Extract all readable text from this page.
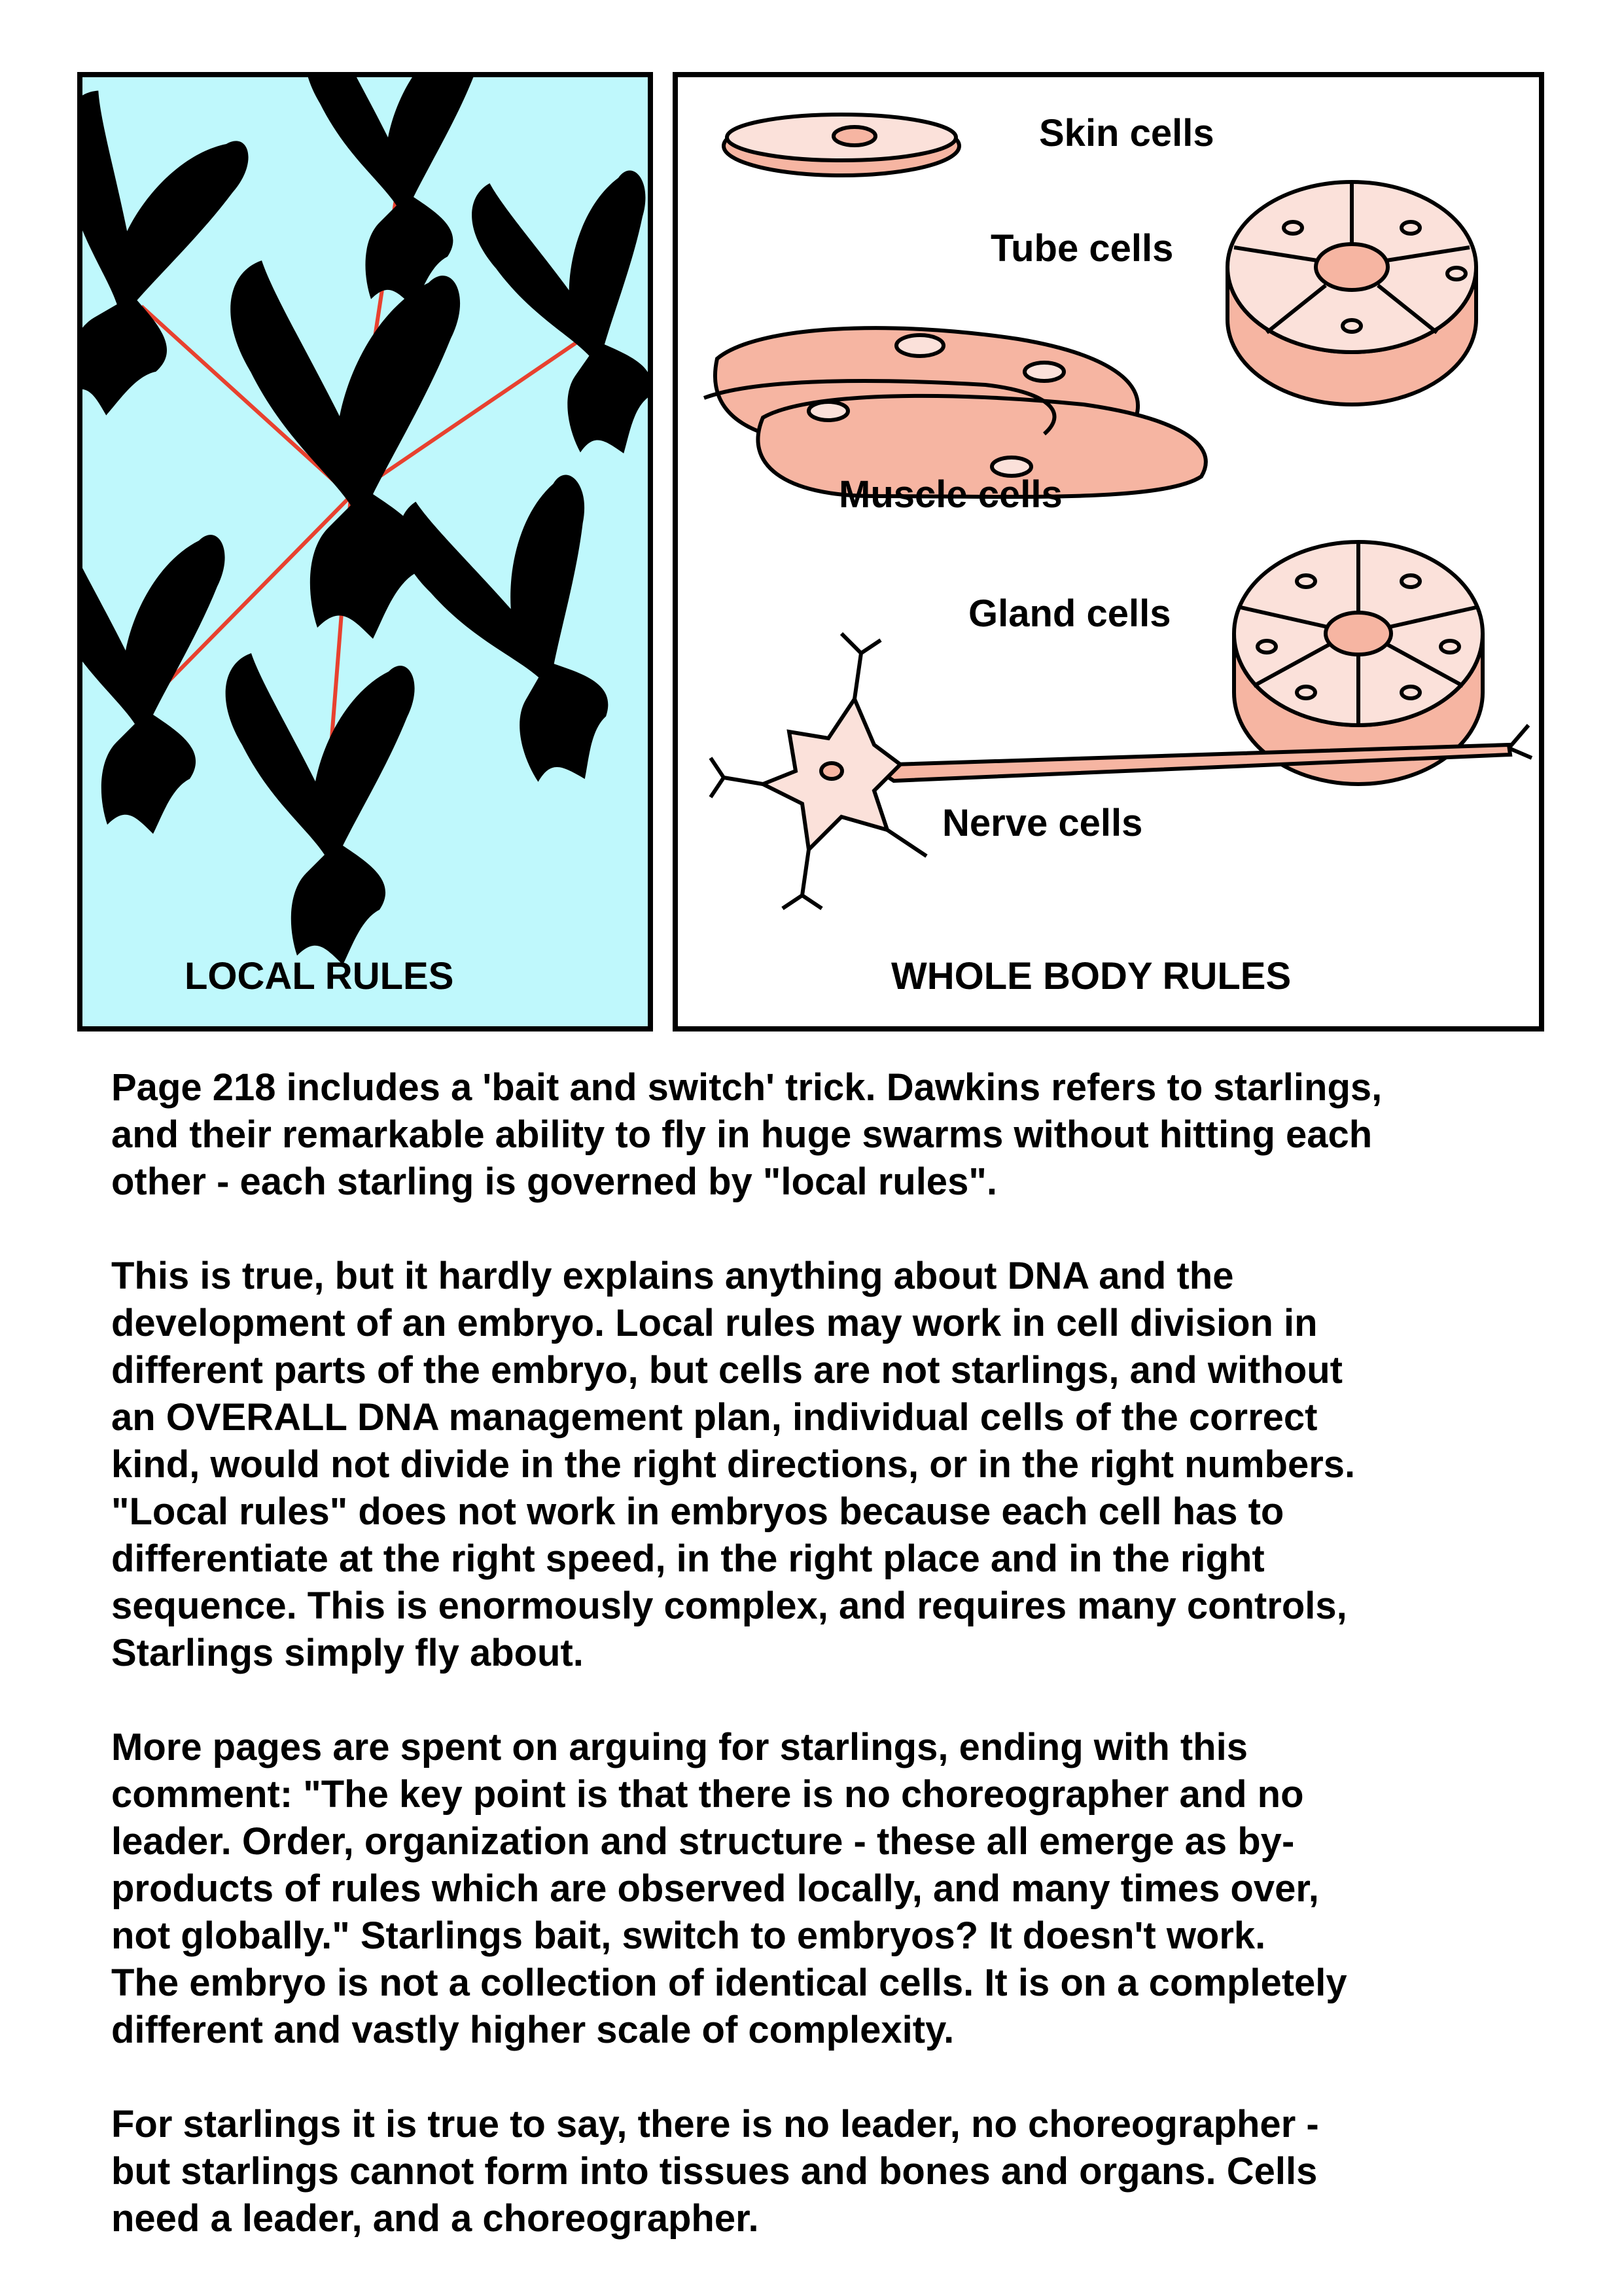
LOCAL RULES
Skin cells
Tube cells
Muscle cells
Gland cells
Nerve cells
WHOLE BODY RULES

Page 218 includes a 'bait and switch' trick. Dawkins refers to starlings,
and their remarkable ability to fly in huge swarms without hitting each
other - each starling is governed by "local rules".

This is true, but it hardly explains anything about DNA and the
development of an embryo. Local rules may work in cell division in
different parts of the embryo, but cells are not starlings, and without
an OVERALL DNA management plan, individual cells of the correct
kind, would not divide in the right directions, or in the right numbers.
"Local rules" does not work in embryos because each cell has to
differentiate at the right speed, in the right place and in the right
sequence. This is enormously complex, and requires many controls,
Starlings simply fly about.

More pages are spent on arguing for starlings, ending with this
comment: "The key point is that there is no choreographer and no
leader. Order, organization and structure - these all emerge as by-
products of rules which are observed locally, and many times over,
not globally." Starlings bait, switch to embryos? It doesn't work.
The embryo is not a collection of identical cells. It is on a completely
different and vastly higher scale of complexity.

For starlings it is true to say, there is no leader, no choreographer -
but starlings cannot form into tissues and bones and organs. Cells
need a leader, and a choreographer.
